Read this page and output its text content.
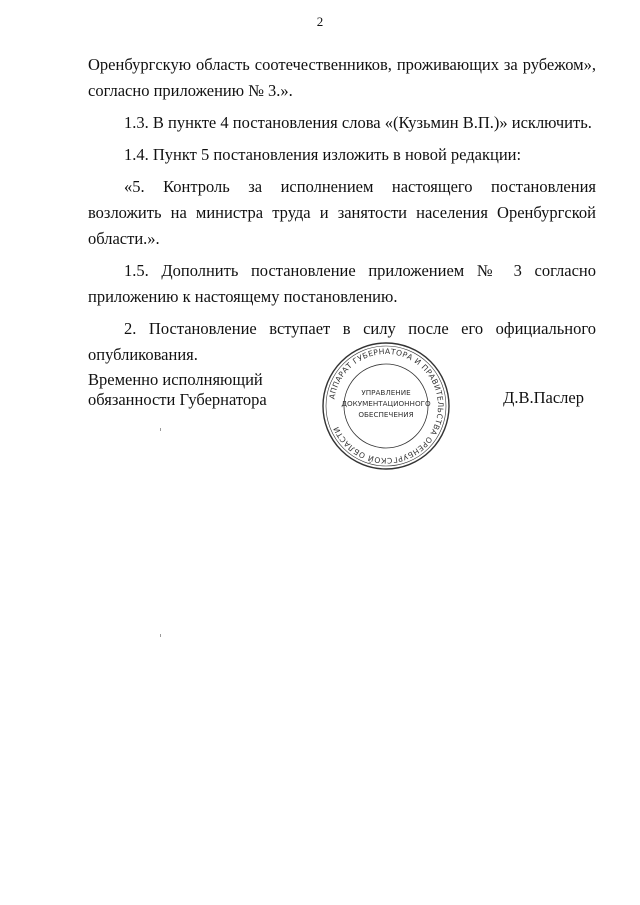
2

Оренбургскую область соотечественников, проживающих за рубежом», согласно приложению № 3.».

1.3. В пункте 4 постановления слова «(Кузьмин В.П.)» исключить.

1.4. Пункт 5 постановления изложить в новой редакции:

«5. Контроль за исполнением настоящего постановления возложить на министра труда и занятости населения Оренбургской области.».

1.5. Дополнить постановление приложением № 3 согласно приложению к настоящему постановлению.

2. Постановление вступает в силу после его официального опубликования.

Временно исполняющий
обязанности Губернатора	АППАРАТ ГУБЕРНАТОРА И ПРАВИТЕЛЬСТВА ОРЕНБУРГСКОЙ ОБЛАСТИ
УПРАВЛЕНИЕ
ДОКУМЕНТАЦИОННОГО
ОБЕСПЕЧЕНИЯ
Д.В.Паслер
